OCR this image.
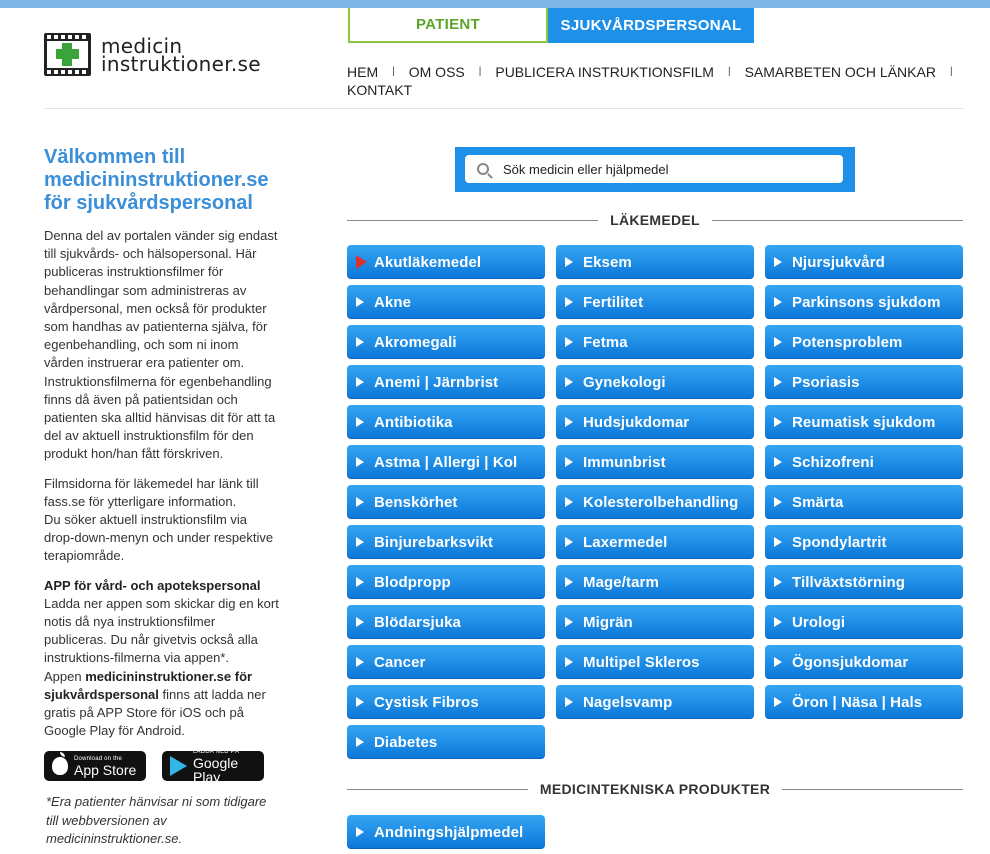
medicin
instruktioner.se
PATIENT	SJUKVÅRDSPERSONAL
HEM | OM OSS | PUBLICERA INSTRUKTIONSFILM | SAMARBETEN OCH LÄNKAR |
KONTAKT
Välkommen till medicininstruktioner.se för sjukvårdspersonal

Denna del av portalen vänder sig endast till sjukvårds- och hälsopersonal. Här publiceras instruktionsfilmer för behandlingar som administreras av vårdpersonal, men också för produkter som handhas av patienterna själva, för egenbehandling, och som ni inom vården instruerar era patienter om. Instruktionsfilmerna för egenbehandling finns då även på patientsidan och patienten ska alltid hänvisas dit för att ta del av aktuell instruktionsfilm för den produkt hon/han fått förskriven.

Filmsidorna för läkemedel har länk till fass.se för ytterligare information.
Du söker aktuell instruktionsfilm via drop-down-menyn och under respektive terapiområde.

APP för vård- och apotekspersonal
Ladda ner appen som skickar dig en kort notis då nya instruktionsfilmer publiceras. Du når givetvis också alla instruktions-filmerna via appen*.
Appen medicininstruktioner.se för sjukvårdspersonal finns att ladda ner gratis på APP Store för iOS och på Google Play för Android.

Download on the
App Store
LADDA NED PÅ
Google Play
*Era patienter hänvisar ni som tidigare till webbversionen av medicininstruktioner.se.
Sök medicin eller hjälpmedel
LÄKEMEDEL
Akutläkemedel	Eksem	Njursjukvård
Akne	Fertilitet	Parkinsons sjukdom
Akromegali	Fetma	Potensproblem
Anemi | Järnbrist	Gynekologi	Psoriasis
Antibiotika	Hudsjukdomar	Reumatisk sjukdom
Astma | Allergi | Kol	Immunbrist	Schizofreni
Benskörhet	Kolesterolbehandling	Smärta
Binjurebarksvikt	Laxermedel	Spondylartrit
Blodpropp	Mage/tarm	Tillväxtstörning
Blödarsjuka	Migrän	Urologi
Cancer	Multipel Skleros	Ögonsjukdomar
Cystisk Fibros	Nagelsvamp	Öron | Näsa | Hals
Diabetes
MEDICINTEKNISKA PRODUKTER
Andningshjälpmedel
